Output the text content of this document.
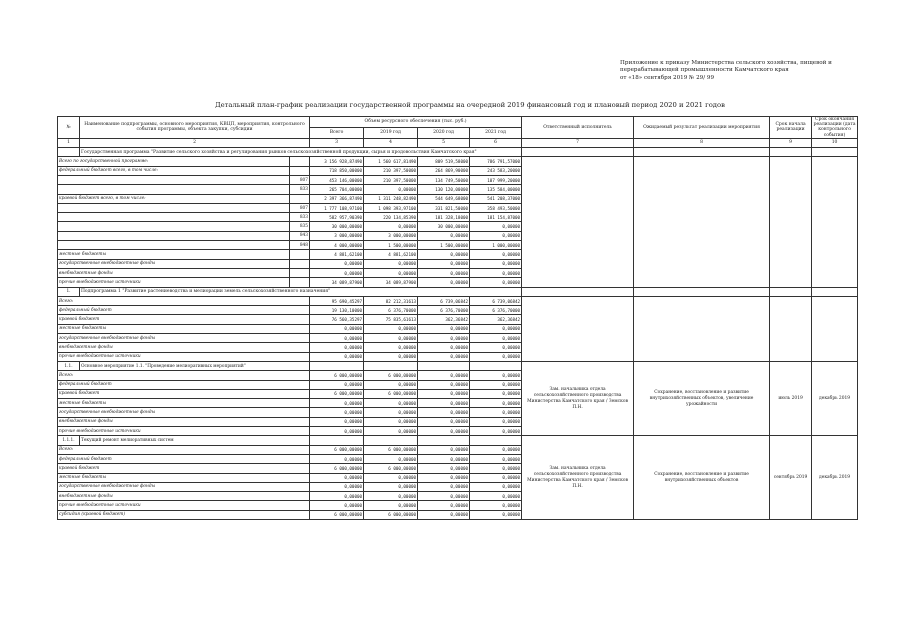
Приложение к приказу Министерства сельского хозяйства, пищевой и
перерабатывающей промышленности Камчатского края
от «18» сентября 2019 № 29/ 99
Детальный план-график реализации государственной программы на очередной 2019 финансовый год и плановый период 2020 и 2021 годов
№	Наименование подпрограммы, основного мероприятия, КВЦП, мероприятия, контрольного события программы, объекта закупки, субсидии		Объем ресурсного обеспечения (тыс. руб.)				Ответственный исполнитель	Ожидаемый результат реализации мероприятия	Срок начала реализации	Срок окончания реализации (дата контрольного события)
			Всего	2019 год	2020 год	2021 год				
1	2		3	4	5	6	7	8	9	10
	Государственная программа "Развитие сельского хозяйства и регулирования рынков сельскохозяйственной продукции, сырья и продовольствия Камчатского края"									
Всего по государственной программе:			3 156 928,87490	1 560 617,81490	809 519,58000	786 791,57000				
федеральный бюджет всего, в том числе:			718 850,00000	210 397,50000	264 869,90000	243 583,20000				
		807	453 146,00000	210 397,50000	134 749,50000	107 999,20000				
		833	265 704,00000	0,00000	130 120,00000	135 584,00000				
краевой бюджет всего, в том числе:			2 397 366,87490	1 311 248,82490	544 649,68000	541 208,37000				
		807	1 777 108,97100	1 098 393,97100	331 821,50000	358 493,50000				
		833	582 957,90390	220 134,85390	181 328,18000	181 154,87000				
		835	30 000,00000	0,00000	30 000,00000	0,00000				
		843	3 000,00000	3 000,00000	0,00000	0,00000				
		848	4 000,00000	1 500,00000	1 500,00000	1 000,00000				
местные бюджеты			4 881,62100	4 881,62100	0,00000	0,00000				
государственные внебюджетные фонды			0,00000	0,00000	0,00000	0,00000				
внебюджетные фонды			0,00000	0,00000	0,00000	0,00000				
прочие внебюджетные источники			34 089,87900	34 089,87900	0,00000	0,00000				
1.	Подпрограмма 1 "Развитие растениеводства и мелиорации земель сельскохозяйственного назначения"									
Всего:			95 690,45297	82 212,31613	6 739,06842	6 739,06842				
федеральный бюджет			19 130,10000	6 376,70000	6 376,70000	6 376,70000				
краевой бюджет			76 560,35297	75 835,61613	362,36842	362,36842				
местные бюджеты			0,00000	0,00000	0,00000	0,00000				
государственные внебюджетные фонды			0,00000	0,00000	0,00000	0,00000				
внебюджетные фонды			0,00000	0,00000	0,00000	0,00000				
прочие внебюджетные источники			0,00000	0,00000	0,00000	0,00000				
1.1.	Основное мероприятие 1.1. "Проведение мелиоративных мероприятий"						Зам. начальника отдела сельскохозяйственного производства Министерства Камчатского края / Земсков П.Н.	Сохранение, восстановление и развитие внутрихозяйственных объектов, увеличение урожайности	июль 2019	декабрь 2019
Всего:			6 000,00000	6 000,00000	0,00000	0,00000				
федеральный бюджет			0,00000	0,00000	0,00000	0,00000				
краевой бюджет			6 000,00000	6 000,00000	0,00000	0,00000				
местные бюджеты			0,00000	0,00000	0,00000	0,00000				
государственные внебюджетные фонды			0,00000	0,00000	0,00000	0,00000				
внебюджетные фонды			0,00000	0,00000	0,00000	0,00000				
прочие внебюджетные источники			0,00000	0,00000	0,00000	0,00000				
1.1.1.	Текущий ремонт мелиоративных систем						Зам. начальника отдела сельскохозяйственного производства Министерства Камчатского края / Земсков П.Н.	Сохранение, восстановление и развитие внутрихозяйственных объектов	сентябрь 2019	декабрь 2019
Всего:			6 000,00000	6 000,00000	0,00000	0,00000				
федеральный бюджет			0,00000	0,00000	0,00000	0,00000				
краевой бюджет			6 000,00000	6 000,00000	0,00000	0,00000				
местные бюджеты			0,00000	0,00000	0,00000	0,00000				
государственные внебюджетные фонды			0,00000	0,00000	0,00000	0,00000				
внебюджетные фонды			0,00000	0,00000	0,00000	0,00000				
прочие внебюджетные источники			0,00000	0,00000	0,00000	0,00000				
субсидия (краевой бюджет)			6 000,00000	6 000,00000	0,00000	0,00000				
